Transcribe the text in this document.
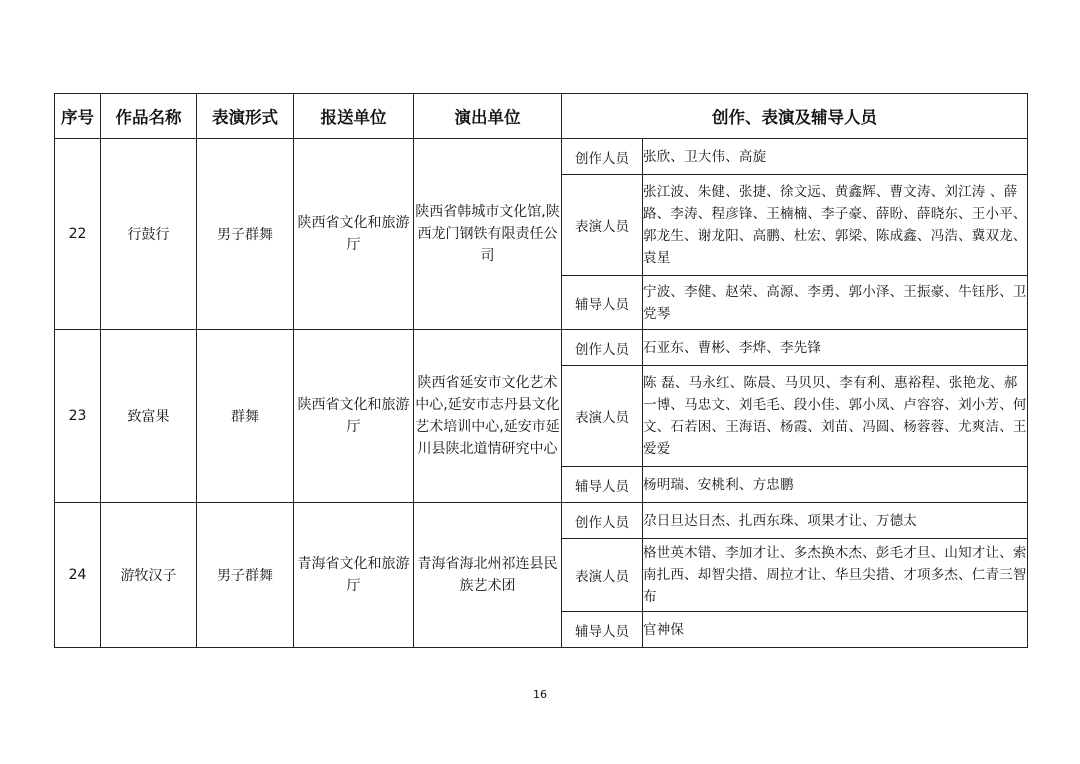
序号	作品名称	表演形式	报送单位	演出单位	创作、表演及辅导人员	
22	行鼓行	男子群舞	陕西省文化和旅游厅	陕西省韩城市文化馆,陕西龙门钢铁有限责任公司	创作人员	张欣、卫大伟、高旋
					表演人员	张江波、朱健、张捷、徐文远、黄鑫辉、曹文涛、刘江涛 、薛路、李涛、程彦锋、王楠楠、李子豪、薛盼、薛晓东、王小平、郭龙生、谢龙阳、高鹏、杜宏、郭梁、陈成鑫、冯浩、冀双龙、袁星
					辅导人员	宁波、李健、赵荣、高源、李勇、郭小泽、王振豪、牛钰彤、卫党琴
23	致富果	群舞	陕西省文化和旅游厅	陕西省延安市文化艺术中心,延安市志丹县文化艺术培训中心,延安市延川县陕北道情研究中心	创作人员	石亚东、曹彬、李烨、李先锋
					表演人员	陈 磊、马永红、陈晨、马贝贝、李有利、惠裕程、张艳龙、郝一博、马忠文、刘毛毛、段小佳、郭小凤、卢容容、刘小芳、何文、石若困、王海语、杨霞、刘苗、冯圆、杨蓉蓉、尤爽洁、王爱爱
					辅导人员	杨明瑞、安桃利、方忠鹏
24	游牧汉子	男子群舞	青海省文化和旅游厅	青海省海北州祁连县民族艺术团	创作人员	尕日旦达日杰、扎西东珠、项果才让、万德太
					表演人员	格世英木错、李加才让、多杰换木杰、彭毛才旦、山知才让、索南扎西、却智尖措、周拉才让、华旦尖措、才项多杰、仁青三智布
					辅导人员	官神保
16
